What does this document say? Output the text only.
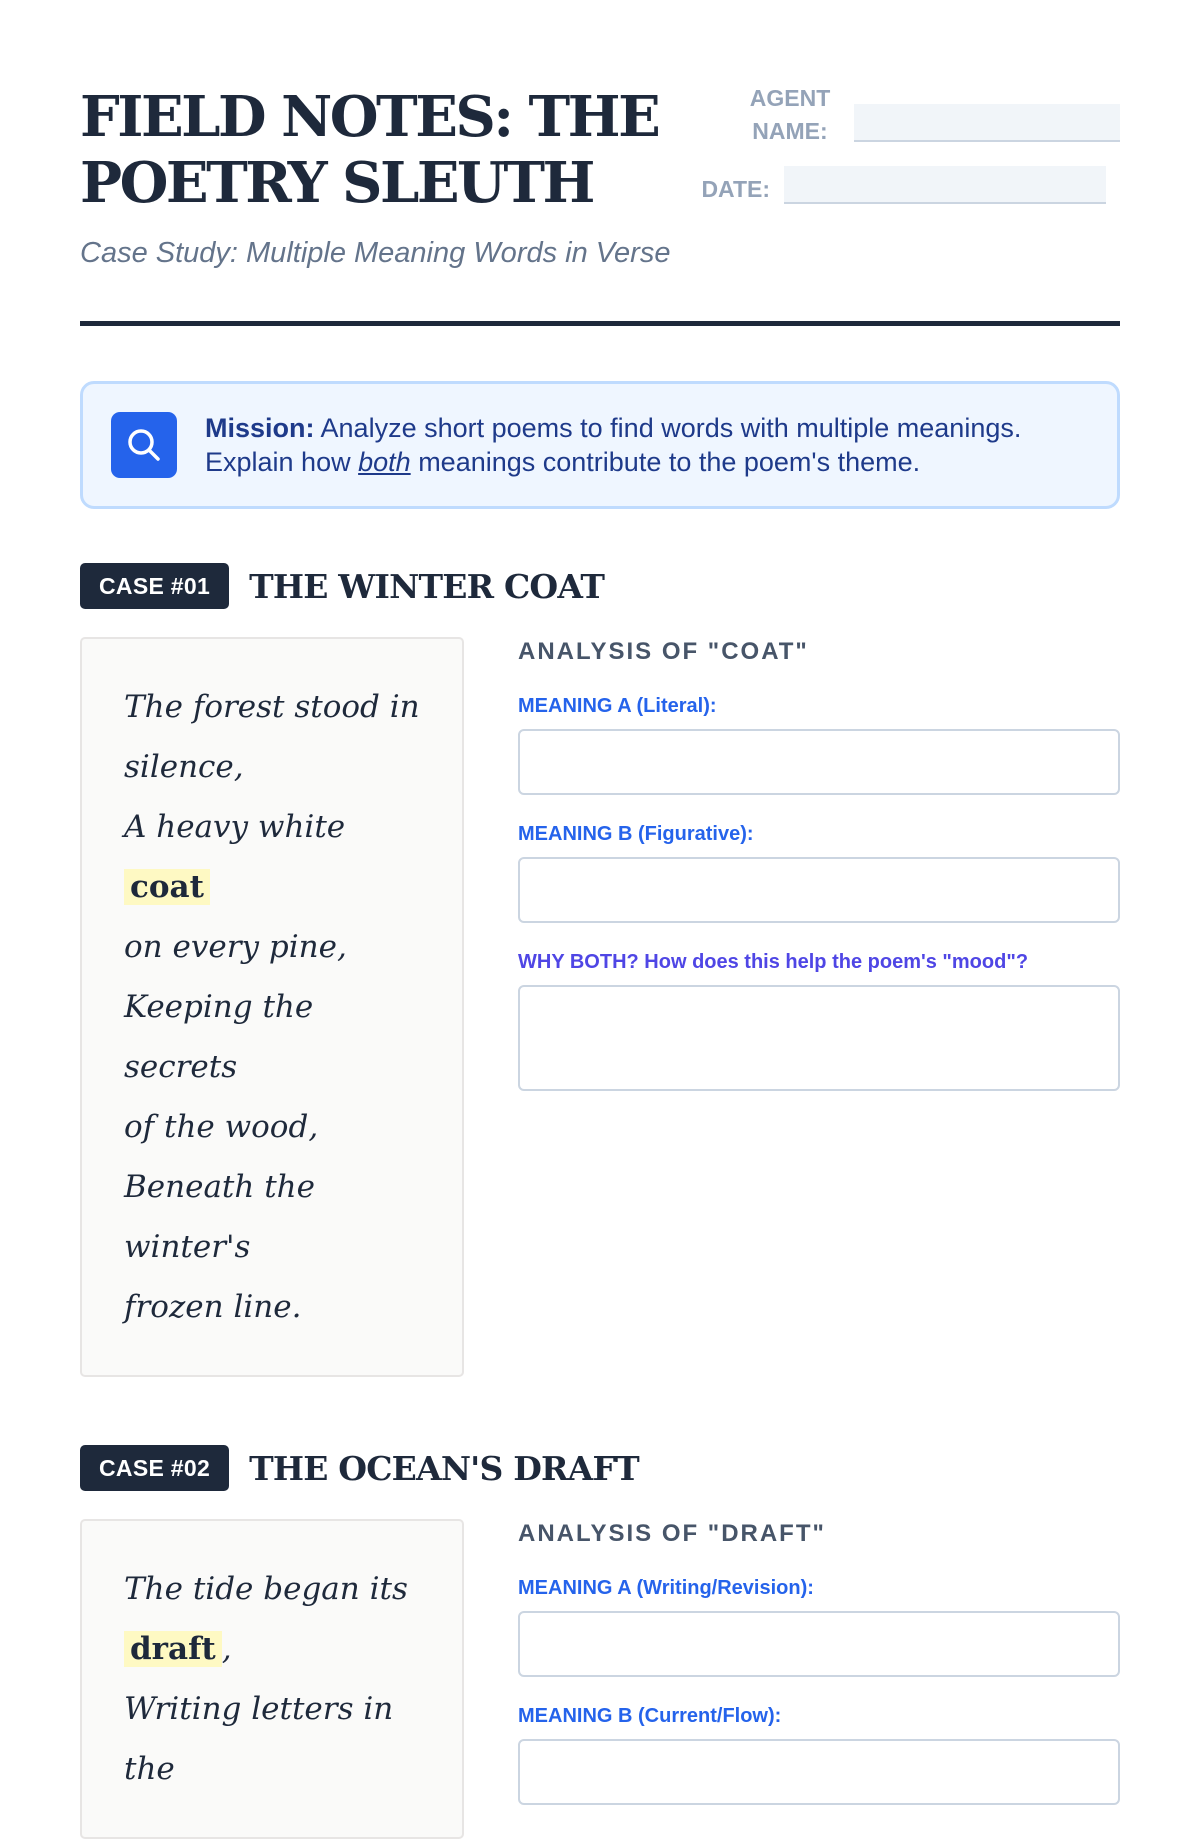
FIELD NOTES: THE POETRY SLEUTH

Case Study: Multiple Meaning Words in Verse

AGENT NAME:
DATE:
Mission: Analyze short poems to find words with multiple meanings. Explain how both meanings contribute to the poem's theme.
CASE #01	THE WINTER COAT
The forest stood in
silence,
A heavy white coat
on every pine,
Keeping the secrets
of the wood,
Beneath the winter's
frozen line.
ANALYSIS OF "COAT"
MEANING A (Literal):
MEANING B (Figurative):
WHY BOTH? How does this help the poem's "mood"?
CASE #02	THE OCEAN'S DRAFT
The tide began its
draft ,
Writing letters in the
ANALYSIS OF "DRAFT"
MEANING A (Writing/Revision):
MEANING B (Current/Flow):
